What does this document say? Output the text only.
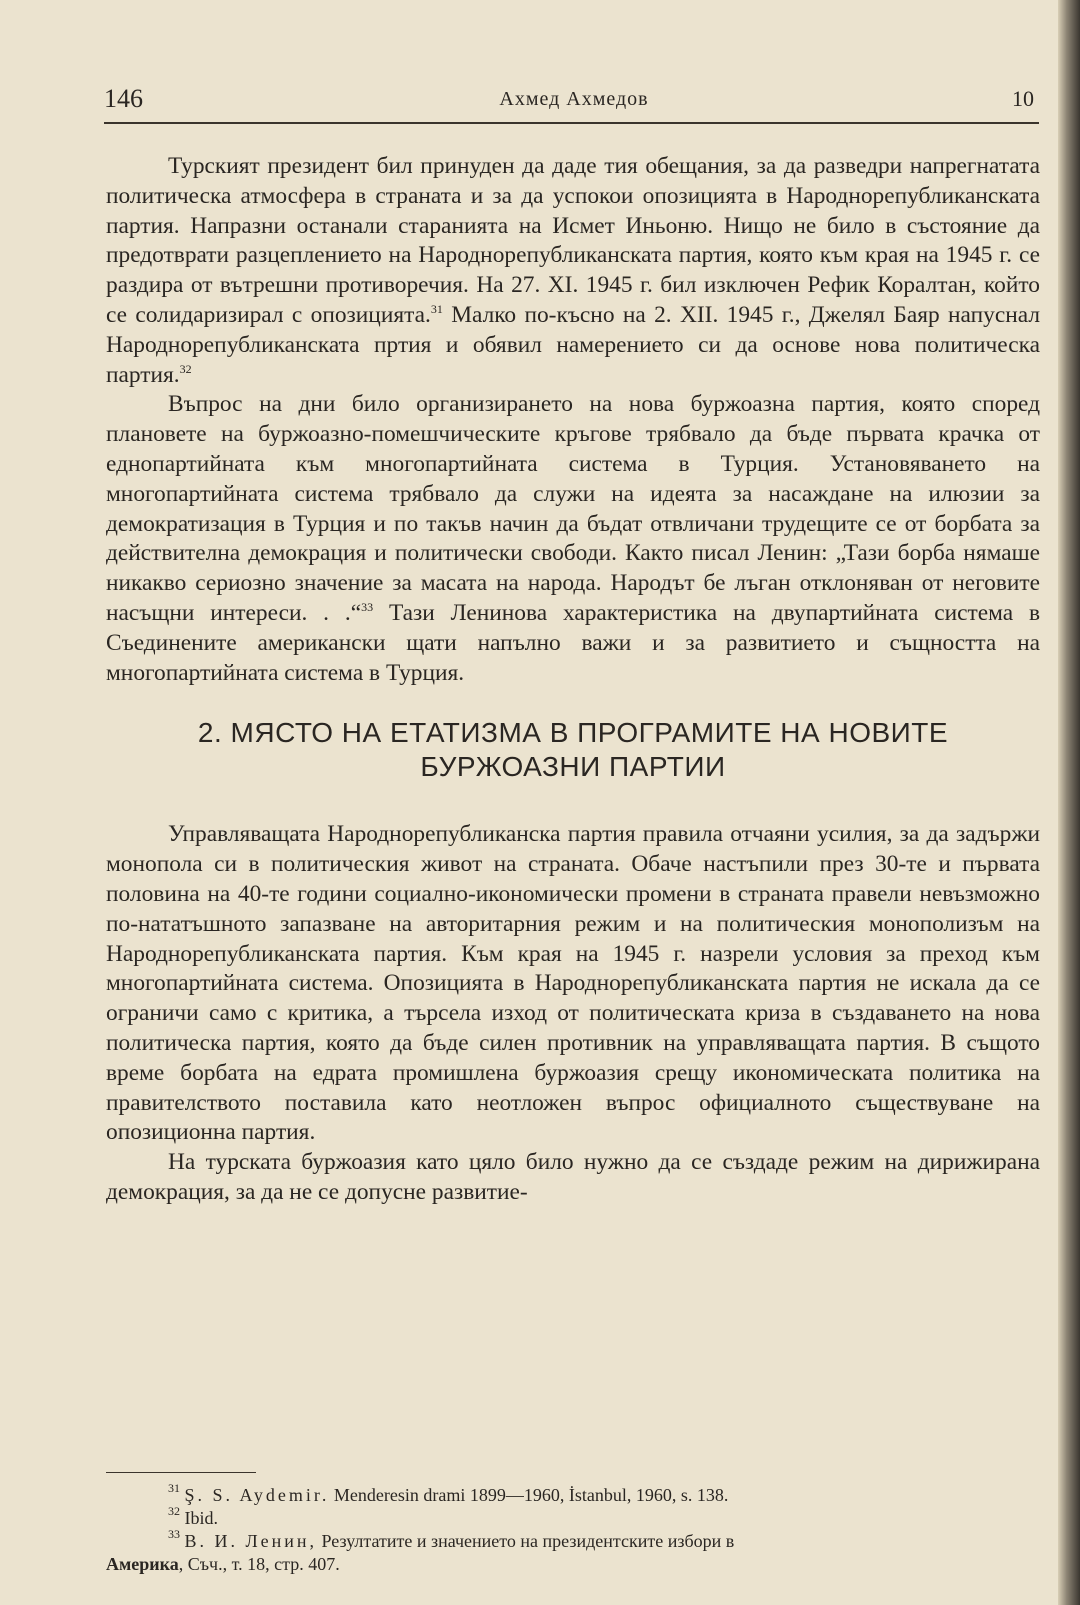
146	Ахмед Ахмедов	10

Турският президент бил принуден да даде тия обещания, за да разведри напрегнатата политическа атмосфера в страната и за да успокои опозицията в Народнорепубликанската партия. Напразни останали старанията на Исмет Иньоню. Нищо не било в състояние да предотврати разцеплението на Народнорепубликанската партия, която към края на 1945 г. се раздира от вътрешни противоречия. На 27. XI. 1945 г. бил изключен Рефик Коралтан, който се солидаризирал с опозицията.$^{31}$ Малко по-късно на 2. XII. 1945 г., Джелял Баяр напуснал Народнорепубликанската пртия и обявил намерението си да основе нова политическа партия.$^{32}$

Въпрос на дни било организирането на нова буржоазна партия, която според плановете на буржоазно-помешчическите кръгове трябвало да бъде първата крачка от еднопартийната към многопартийната система в Турция. Установяването на многопартийната система трябвало да служи на идеята за насаждане на илюзии за демократизация в Турция и по такъв начин да бъдат отвличани трудещите се от борбата за действителна демокрация и политически свободи. Както писал Ленин: „Тази борба нямаше никакво сериозно значение за масата на народа. Народът бе лъган отклоняван от неговите насъщни интереси. . .“$^{33}$ Тази Ленинова характеристика на двупартийната система в Съединените американски щати напълно важи и за развитието и същността на многопартийната система в Турция.

2. МЯСТО НА ЕТАТИЗМА В ПРОГРАМИТЕ НА НОВИТЕ БУРЖОАЗНИ ПАРТИИ

Управляващата Народнорепубликанска партия правила отчаяни усилия, за да задържи монопола си в политическия живот на страната. Обаче настъпили през 30-те и първата половина на 40-те години социално-икономически промени в страната правели невъзможно по-нататъшното запазване на авторитарния режим и на политическия монополизъм на Народнорепубликанската партия. Към края на 1945 г. назрели условия за преход към многопартийната система. Опозицията в Народнорепубликанската партия не искала да се ограничи само с критика, а търсела изход от политическата криза в създаването на нова политическа партия, която да бъде силен противник на управляващата партия. В същото време борбата на едрата промишлена буржоазия срещу икономическата политика на правителството поставила като неотложен въпрос официалното съществуване на опозиционна партия.

На турската буржоазия като цяло било нужно да се създаде режим на дирижирана демокрация, за да не се допусне развитие-

$^{31}$ Ş. S. Aydemir. Menderesin drami 1899—1960, İstanbul, 1960, s. 138.

$^{32}$ Ibid.

$^{33}$ В. И. Ленин, Резултатите и значението на президентските избори в

Америка, Съч., т. 18, стр. 407.
